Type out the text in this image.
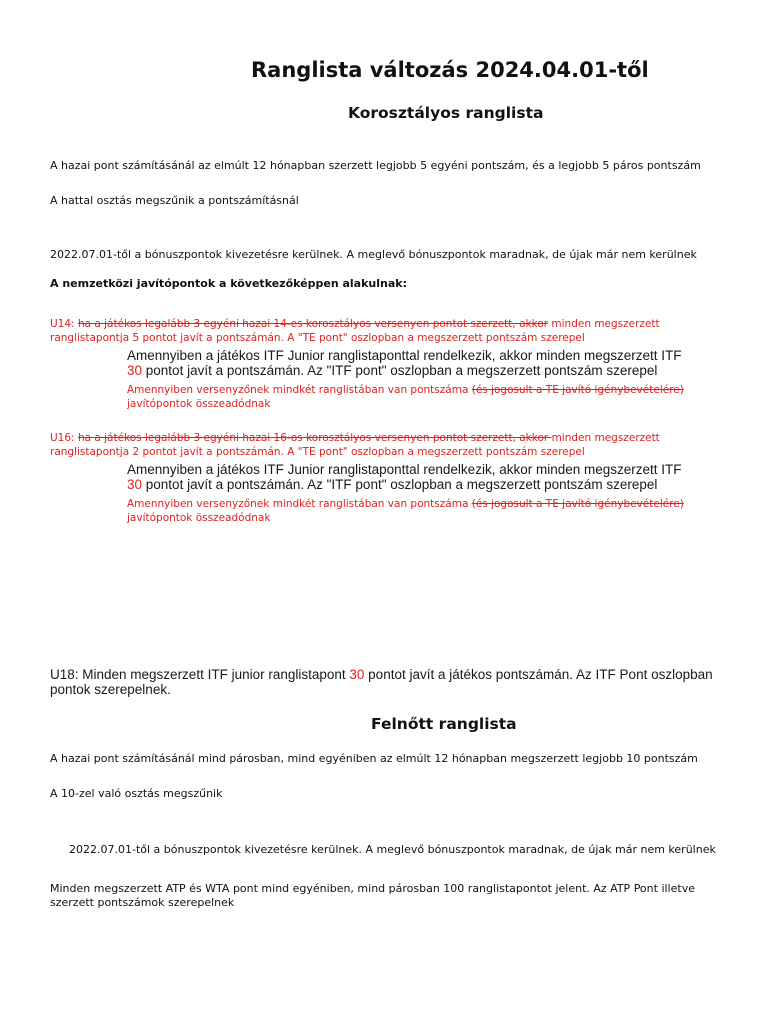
Ranglista változás 2024.04.01-től
Korosztályos ranglista
A hazai pont számításánál az elmúlt 12 hónapban szerzett legjobb 5 egyéni pontszám, és a legjobb 5 páros pontszám
A hattal osztás megszűnik a pontszámításnál
2022.07.01-től a bónuszpontok kivezetésre kerülnek. A meglevő bónuszpontok maradnak, de újak már nem kerülnek
A nemzetközi javítópontok a következőképpen alakulnak:
U14: ha a játékos legalább 3 egyéni hazai 14-es korosztályos versenyen pontot szerzett, akkor minden megszerzett
ranglistapontja 5 pontot javít a pontszámán. A "TE pont" oszlopban a megszerzett pontszám szerepel
Amennyiben a játékos ITF Junior ranglistaponttal rendelkezik, akkor minden megszerzett ITF
30 pontot javít a pontszámán. Az "ITF pont" oszlopban a megszerzett pontszám szerepel
Amennyiben versenyzőnek mindkét ranglistában van pontszáma (és jogosult a TE javító igénybevételére)
javítópontok összeadódnak
U16: ha a játékos legalább 3 egyéni hazai 16-os korosztályos versenyen pontot szerzett, akkor minden megszerzett
ranglistapontja 2 pontot javít a pontszámán. A "TE pont" oszlopban a megszerzett pontszám szerepel
Amennyiben a játékos ITF Junior ranglistaponttal rendelkezik, akkor minden megszerzett ITF
30 pontot javít a pontszámán. Az "ITF pont" oszlopban a megszerzett pontszám szerepel
Amennyiben versenyzőnek mindkét ranglistában van pontszáma (és jogosult a TE javító igénybevételére)
javítópontok összeadódnak
U18: Minden megszerzett ITF junior ranglistapont 30 pontot javít a játékos pontszámán. Az ITF Pont oszlopban
pontok szerepelnek.
Felnőtt ranglista
A hazai pont számításánál mind párosban, mind egyéniben az elmúlt 12 hónapban megszerzett legjobb 10 pontszám
A 10-zel való osztás megszűnik
2022.07.01-től a bónuszpontok kivezetésre kerülnek. A meglevő bónuszpontok maradnak, de újak már nem kerülnek
Minden megszerzett ATP és WTA pont mind egyéniben, mind párosban 100 ranglistapontot jelent. Az ATP Pont illetve
szerzett pontszámok szerepelnek
